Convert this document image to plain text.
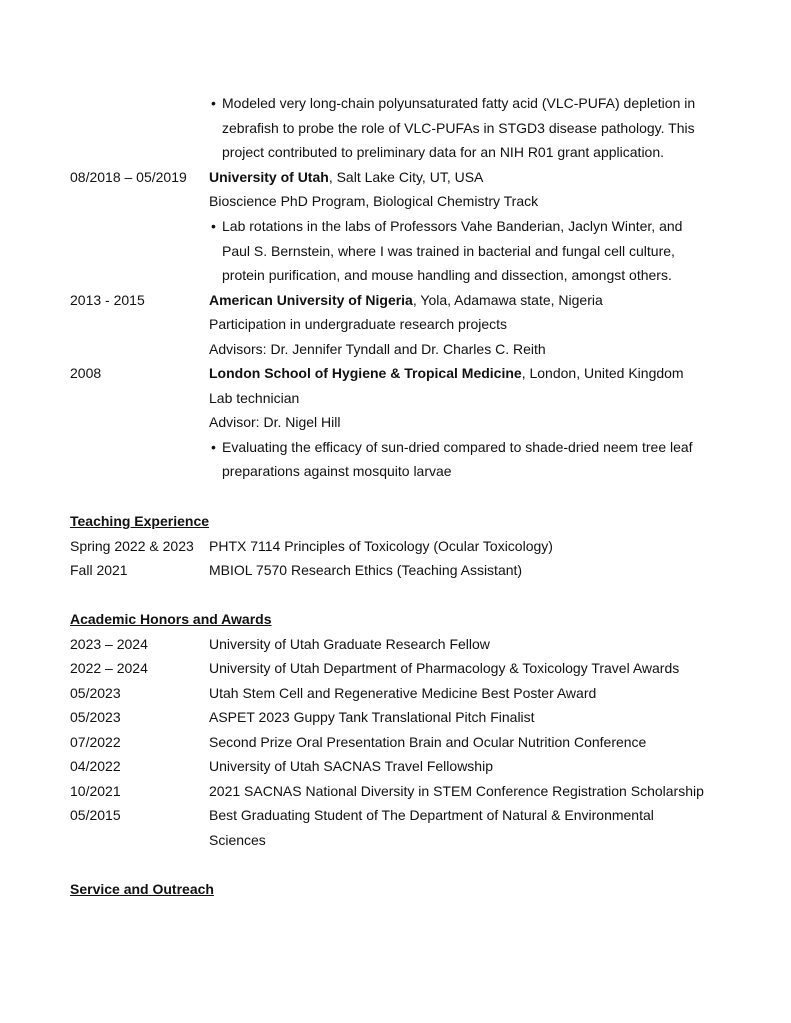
• Modeled very long-chain polyunsaturated fatty acid (VLC-PUFA) depletion in
zebrafish to probe the role of VLC-PUFAs in STGD3 disease pathology. This
project contributed to preliminary data for an NIH R01 grant application.
08/2018 – 05/2019 University of Utah, Salt Lake City, UT, USA
Bioscience PhD Program, Biological Chemistry Track
• Lab rotations in the labs of Professors Vahe Banderian, Jaclyn Winter, and
Paul S. Bernstein, where I was trained in bacterial and fungal cell culture,
protein purification, and mouse handling and dissection, amongst others.
2013 - 2015	American University of Nigeria, Yola, Adamawa state, Nigeria
Participation in undergraduate research projects
Advisors: Dr. Jennifer Tyndall and Dr. Charles C. Reith
2008	London School of Hygiene & Tropical Medicine, London, United Kingdom
Lab technician
Advisor: Dr. Nigel Hill
• Evaluating the efficacy of sun-dried compared to shade-dried neem tree leaf
preparations against mosquito larvae
Teaching Experience
Spring 2022 & 2023 PHTX 7114 Principles of Toxicology (Ocular Toxicology)
Fall 2021	MBIOL 7570 Research Ethics (Teaching Assistant)
Academic Honors and Awards
2023 – 2024	University of Utah Graduate Research Fellow
2022 – 2024	University of Utah Department of Pharmacology & Toxicology Travel Awards
05/2023	Utah Stem Cell and Regenerative Medicine Best Poster Award
05/2023	ASPET 2023 Guppy Tank Translational Pitch Finalist
07/2022	Second Prize Oral Presentation Brain and Ocular Nutrition Conference
04/2022	University of Utah SACNAS Travel Fellowship
10/2021	2021 SACNAS National Diversity in STEM Conference Registration Scholarship
05/2015	Best Graduating Student of The Department of Natural & Environmental
Sciences
Service and Outreach
